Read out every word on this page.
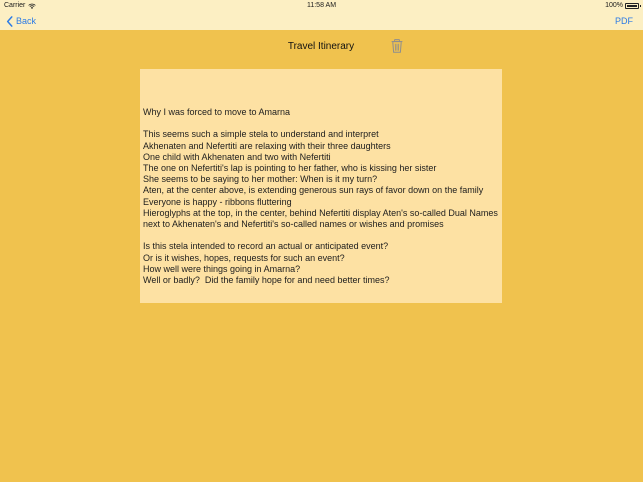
Carrier	11:58 AM	100%
Back	PDF
Travel Itinerary
Why I was forced to move to Amarna

This seems such a simple stela to understand and interpret
Akhenaten and Nefertiti are relaxing with their three daughters
One child with Akhenaten and two with Nefertiti
The one on Nefertiti's lap is pointing to her father, who is kissing her sister
She seems to be saying to her mother: When is it my turn?
Aten, at the center above, is extending generous sun rays of favor down on the family
Everyone is happy - ribbons fluttering
Hieroglyphs at the top, in the center, behind Nefertiti display Aten's so-called Dual Names
next to Akhenaten's and Nefertiti's so-called names or wishes and promises

Is this stela intended to record an actual or anticipated event?
Or is it wishes, hopes, requests for such an event?
How well were things going in Amarna?
Well or badly?  Did the family hope for and need better times?
